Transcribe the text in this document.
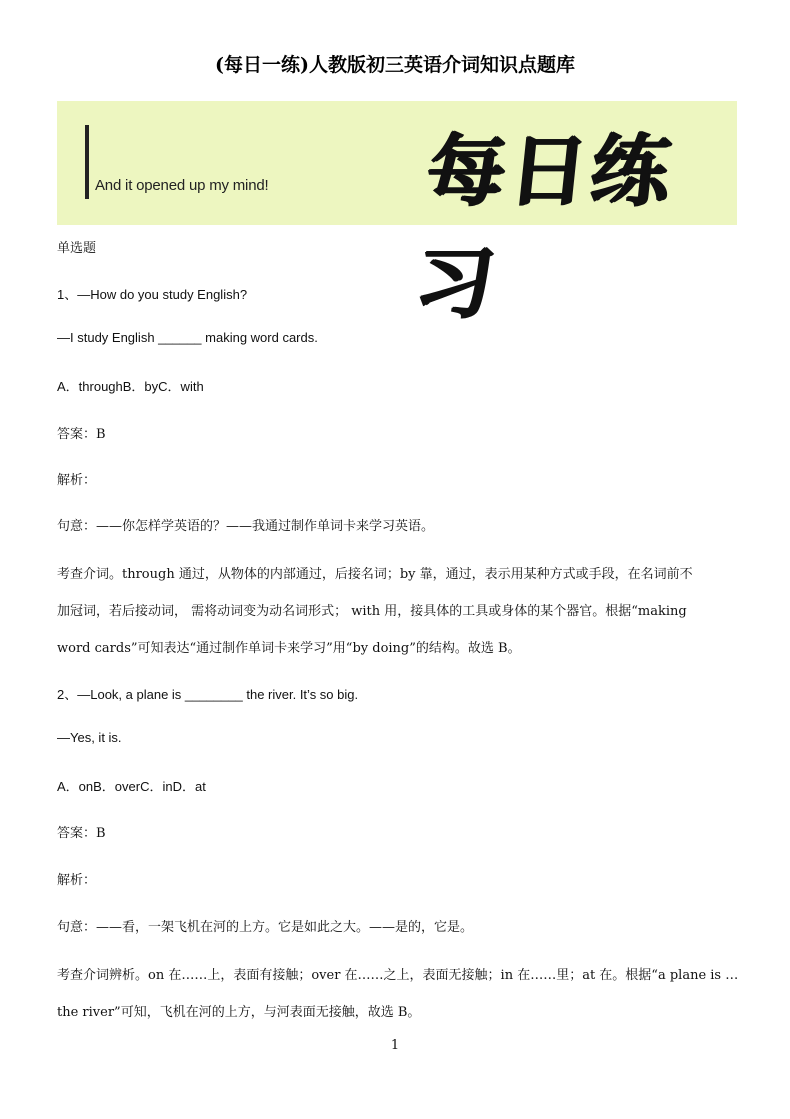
(每日一练)人教版初三英语介词知识点题库
And it opened up my mind! 每日练习
单选题
1、—How do you study English?
—I study English ______ making word cards.
A．throughB．byC．with
答案：B
解析：
句意：——你怎样学英语的？——我通过制作单词卡来学习英语。
考查介词。through 通过，从物体的内部通过，后接名词；by 靠，通过，表示用某种方式或手段，在名词前不
加冠词，若后接动词， 需将动词变为动名词形式； with 用，接具体的工具或身体的某个器官。根据“making
word cards”可知表达“通过制作单词卡来学习”用“by doing”的结构。故选 B。
2、—Look, a plane is ________ the river. It’s so big.
—Yes, it is.
A．onB．overC．inD．at
答案：B
解析：
句意：——看，一架飞机在河的上方。它是如此之大。——是的，它是。
考查介词辨析。on 在……上，表面有接触；over 在……之上，表面无接触；in 在……里；at 在。根据“a plane is …
the river”可知，飞机在河的上方，与河表面无接触，故选 B。
1
